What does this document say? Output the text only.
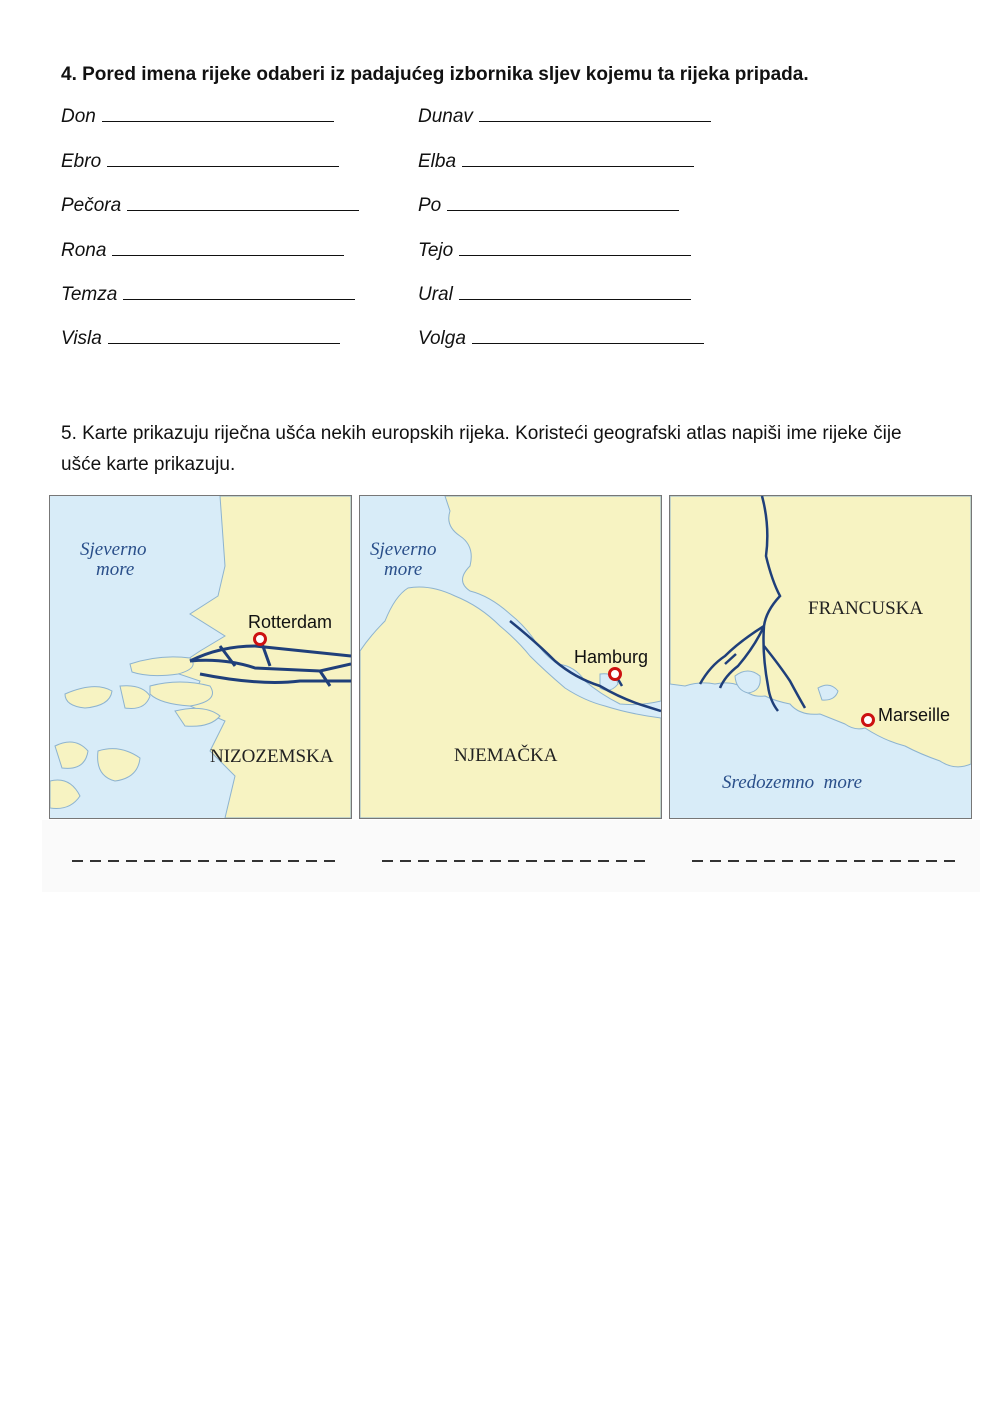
4. Pored imena rijeke odaberi iz padajućeg izbornika sljev kojemu ta rijeka pripada.
Don	Dunav
Ebro	Elba
Pečora	Po
Rona	Tejo
Temza	Ural
Visla	Volga
5. Karte prikazuju riječna ušća nekih europskih rijeka. Koristeći geografski atlas napiši ime rijeke čije ušće karte prikazuju.
Sjeverno
more
Rotterdam
NIZOZEMSKA
Sjeverno
more
Hamburg
NJEMAČKA
FRANCUSKA
Marseille
Sredozemno  more
